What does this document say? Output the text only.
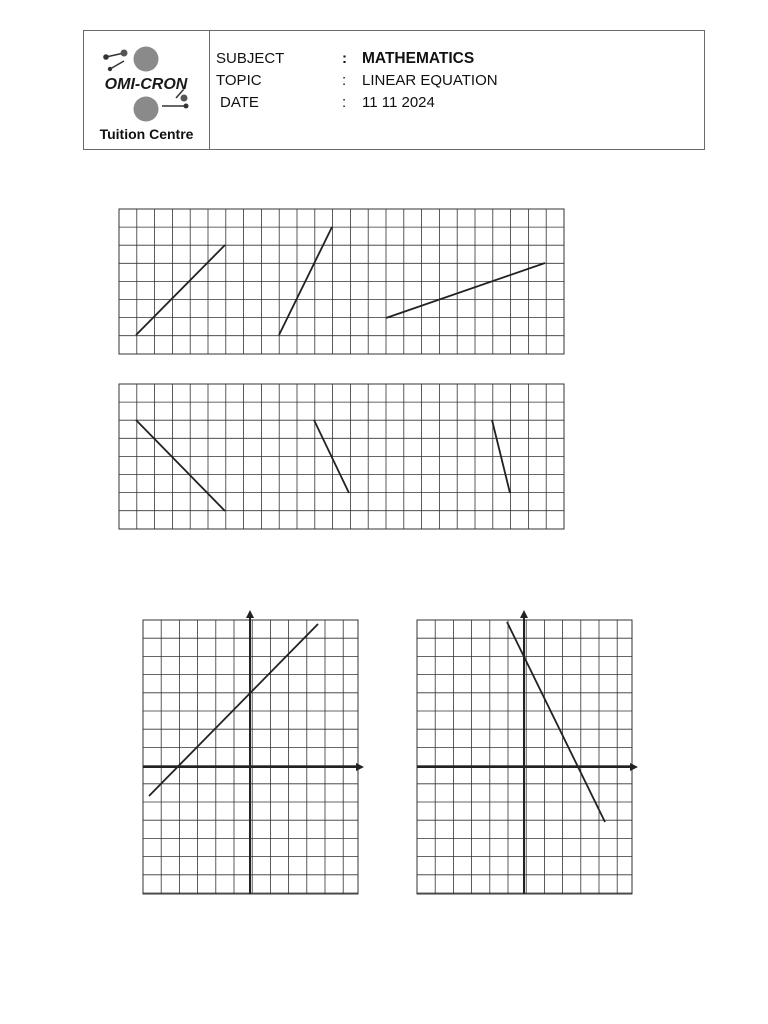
OMI-CRON
Tuition Centre
SUBJECT	: MATHEMATICS
TOPIC	: LINEAR EQUATION
DATE	: 11 11 2024
